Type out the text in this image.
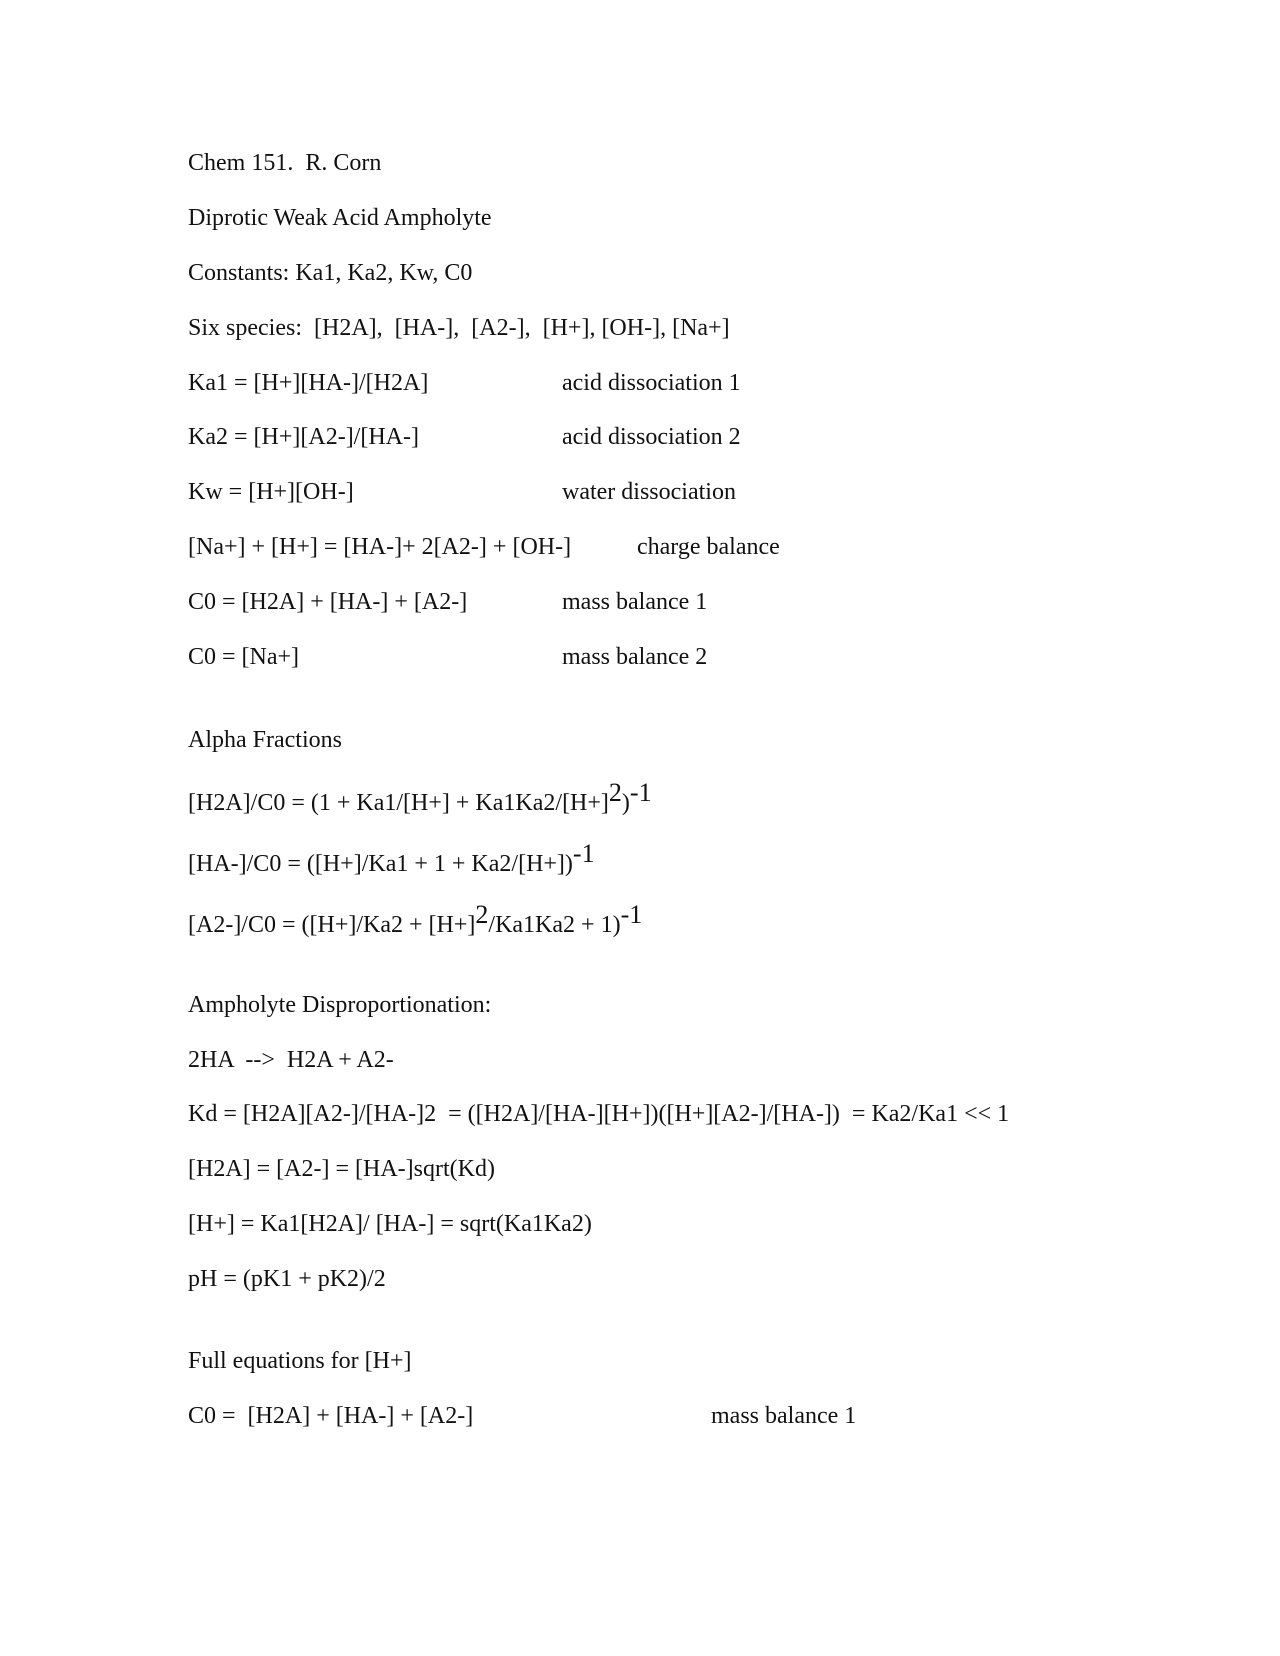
Chem 151.  R. Corn
Diprotic Weak Acid Ampholyte
Constants: Ka1, Ka2, Kw, C0
Six species:  [H2A],  [HA-],  [A2-],  [H+], [OH-], [Na+]
Ka1 = [H+][HA-]/[H2A]	acid dissociation 1
Ka2 = [H+][A2-]/[HA-]	acid dissociation 2
Kw = [H+][OH-]	water dissociation
[Na+] + [H+] = [HA-]+ 2[A2-] + [OH-]	charge balance
C0 = [H2A] + [HA-] + [A2-]	mass balance 1
C0 = [Na+]	mass balance 2
Alpha Fractions
[H2A]/C0 = (1 + Ka1/[H+] + Ka1Ka2/[H+]2)-1
[HA-]/C0 = ([H+]/Ka1 + 1 + Ka2/[H+])-1
[A2-]/C0 = ([H+]/Ka2 + [H+]2/Ka1Ka2 + 1)-1
Ampholyte Disproportionation:
2HA  -->  H2A + A2-
Kd = [H2A][A2-]/[HA-]2  = ([H2A]/[HA-][H+])([H+][A2-]/[HA-])  = Ka2/Ka1 << 1
[H2A] = [A2-] = [HA-]sqrt(Kd)
[H+] = Ka1[H2A]/ [HA-] = sqrt(Ka1Ka2)
pH = (pK1 + pK2)/2
Full equations for [H+]
C0 =  [H2A] + [HA-] + [A2-]	mass balance 1
